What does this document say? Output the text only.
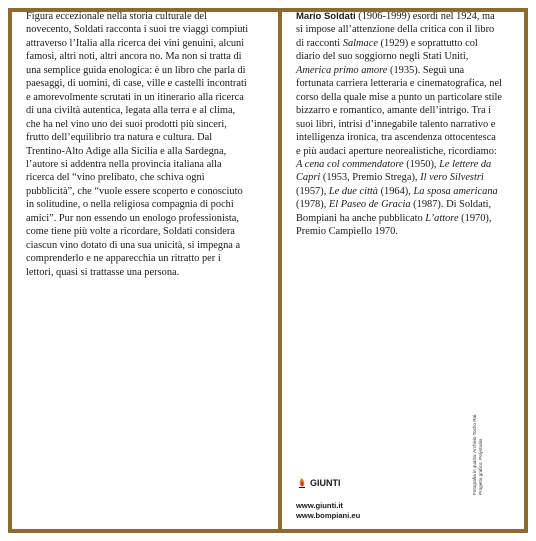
Figura eccezionale nella storia culturale del novecento, Soldati racconta i suoi tre viaggi compiuti attraverso l’Italia alla ricerca dei vini genuini, alcuni famosi, altri noti, altri ancora no. Ma non si tratta di una semplice guida enologica: è un libro che parla di paesaggi, di uomini, di case, ville e castelli incontrati e amorevolmente scrutati in un itinerario alla ricerca di una civiltà autentica, legata alla terra e al clima, che ha nel vino uno dei suoi prodotti più sinceri, frutto dell’equilibrio tra natura e cultura. Dal Trentino-Alto Adige alla Sicilia e alla Sardegna, l’autore si addentra nella provincia italiana alla ricerca del “vino prelibato, che schiva ogni pubblicità”, che “vuole essere scoperto e conosciuto in solitudine, o nella religiosa compagnia di pochi amici”. Pur non essendo un enologo professionista, come tiene più volte a ricordare, Soldati considera ciascun vino dotato di una sua unicità, si impegna a comprenderlo e ne apparecchia un ritratto per i lettori, quasi si trattasse una persona.

Mario Soldati (1906-1999) esordì nel 1924, ma si impose all’attenzione della critica con il libro di racconti Salmace (1929) e soprattutto col diario del suo soggiorno negli Stati Uniti, America primo amore (1935). Seguì una fortunata carriera letteraria e cinematografica, nel corso della quale mise a punto un particolare stile bizzarro e romantico, amante dell’intrigo. Tra i suoi libri, intrisi d’innegabile talento narrativo e intelligenza ironica, tra ascendenza ottocentesca e più audaci aperture neorealistiche, ricordiamo: A cena col commendatore (1950), Le lettere da Capri (1953, Premio Strega), Il vero Silvestri (1957), Le due città (1964), La sposa americana (1978), El Paseo de Gracia (1987). Di Soldati, Bompiani ha anche pubblicato L’attore (1970), Premio Campiello 1970.

Fotografia in quarta: Archivio Tosho Rai. Progetto grafico: Polystudio
GIUNTI
www.giunti.it
www.bompiani.eu
